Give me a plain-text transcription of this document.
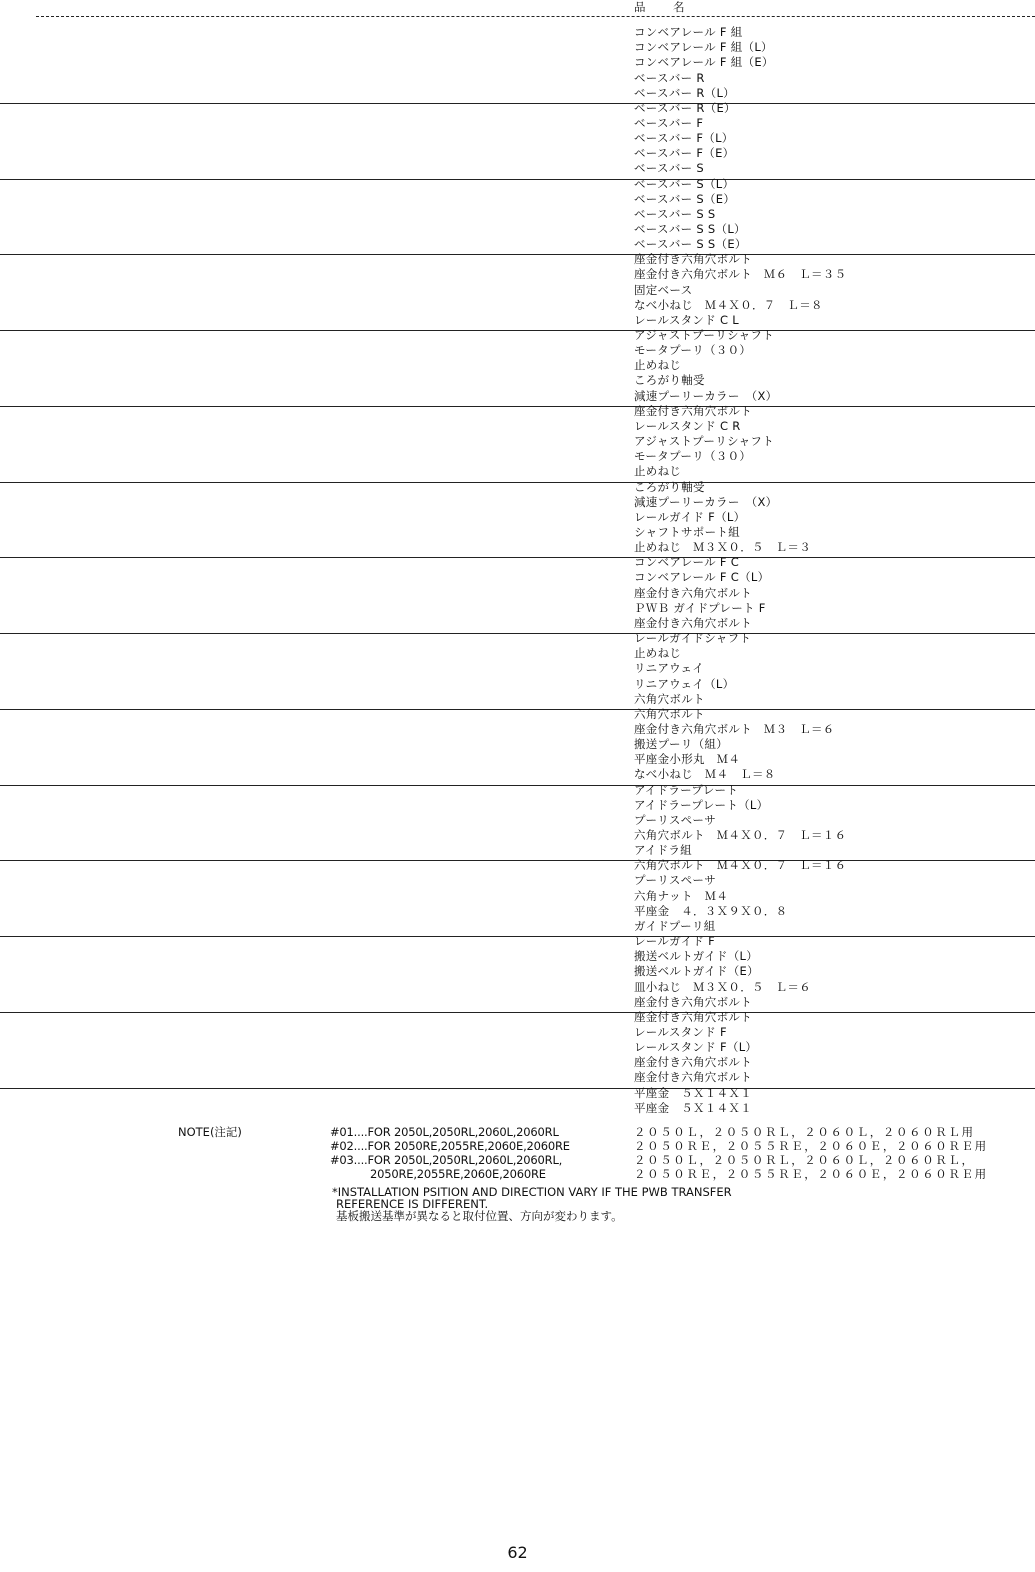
品　名
コンベアレール F 組
コンベアレール F 組（L）
コンベアレール F 組（E）
ベースバー R
ベースバー R（L）
ベースバー R（E）
ベースバー F
ベースバー F（L）
ベースバー F（E）
ベースバー S
ベースバー S（L）
ベースバー S（E）
ベースバー S S
ベースバー S S（L）
ベースバー S S（E）
座金付き六角穴ボルト
座金付き六角穴ボルト　Ｍ６　Ｌ＝３５
固定ベース
なべ小ねじ　Ｍ４Ｘ０．７　Ｌ＝８
レールスタンド C L
アジャストプーリシャフト
モータプーリ（３０）
止めねじ
ころがり軸受
減速プーリーカラー　（X）
座金付き六角穴ボルト
レールスタンド C R
アジャストプーリシャフト
モータプーリ（３０）
止めねじ
ころがり軸受
減速プーリーカラー　（X）
レールガイド F（L）
シャフトサポート組
止めねじ　Ｍ３Ｘ０．５　Ｌ＝３
コンベアレール F C
コンベアレール F C（L）
座金付き六角穴ボルト
ＰＷＢ ガイドプレート F
座金付き六角穴ボルト
レールガイドシャフト
止めねじ
リニアウェイ
リニアウェイ（L）
六角穴ボルト
六角穴ボルト
座金付き六角穴ボルト　Ｍ３　Ｌ＝６
搬送プーリ（組）
平座金小形丸　Ｍ４
なべ小ねじ　Ｍ４　Ｌ＝８
アイドラープレート
アイドラープレート（L）
プーリスペーサ
六角穴ボルト　Ｍ４Ｘ０．７　Ｌ＝１６
アイドラ組
六角穴ボルト　Ｍ４Ｘ０．７　Ｌ＝１６
プーリスペーサ
六角ナット　Ｍ４
平座金　４．３Ｘ９Ｘ０．８
ガイドプーリ組
レールガイド F
搬送ベルトガイド（L）
搬送ベルトガイド（E）
皿小ねじ　Ｍ３Ｘ０．５　Ｌ＝６
座金付き六角穴ボルト
座金付き六角穴ボルト
レールスタンド F
レールスタンド F（L）
座金付き六角穴ボルト
座金付き六角穴ボルト
平座金　５Ｘ１４Ｘ１
平座金　５Ｘ１４Ｘ１
NOTE(注記)	#01....FOR 2050L,2050RL,2060L,2060RL
#02....FOR 2050RE,2055RE,2060E,2060RE
#03....FOR 2050L,2050RL,2060L,2060RL,
2050RE,2055RE,2060E,2060RE
２０５０Ｌ，２０５０ＲＬ，２０６０Ｌ，２０６０ＲＬ用
２０５０ＲＥ，２０５５ＲＥ，２０６０Ｅ，２０６０ＲＥ用
２０５０Ｌ，２０５０ＲＬ，２０６０Ｌ，２０６０ＲＬ，
２０５０ＲＥ，２０５５ＲＥ，２０６０Ｅ，２０６０ＲＥ用
*INSTALLATION PSITION AND DIRECTION VARY IF THE PWB TRANSFER
REFERENCE IS DIFFERENT.
基板搬送基準が異なると取付位置、方向が変わります。
62
